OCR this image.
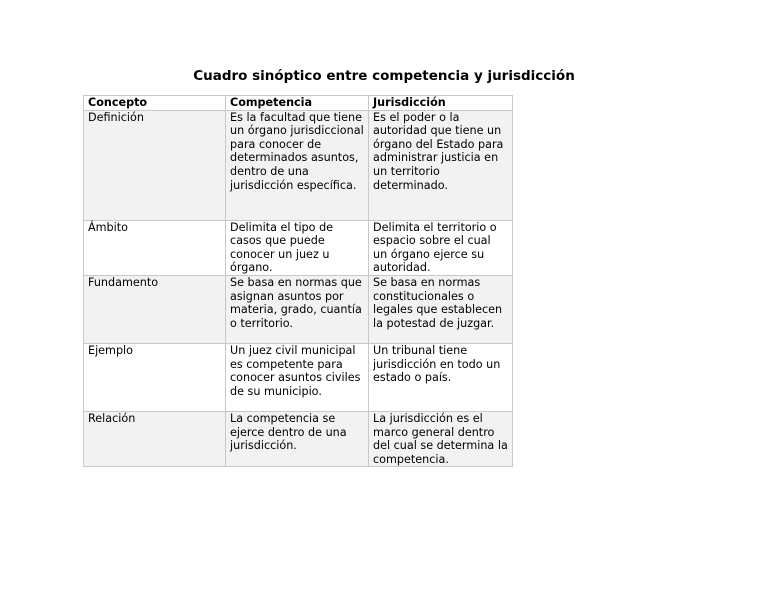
Cuadro sinóptico entre competencia y jurisdicción
Concepto	Competencia	Jurisdicción
Definición	Es la facultad que tiene un órgano jurisdiccional para conocer de determinados asuntos, dentro de una jurisdicción específica.	Es el poder o la autoridad que tiene un órgano del Estado para administrar justicia en un territorio determinado.
Ámbito	Delimita el tipo de casos que puede conocer un juez u órgano.	Delimita el territorio o espacio sobre el cual un órgano ejerce su autoridad.
Fundamento	Se basa en normas que asignan asuntos por materia, grado, cuantía o territorio.	Se basa en normas constitucionales o legales que establecen la potestad de juzgar.
Ejemplo	Un juez civil municipal es competente para conocer asuntos civiles de su municipio.	Un tribunal tiene jurisdicción en todo un estado o país.
Relación	La competencia se ejerce dentro de una jurisdicción.	La jurisdicción es el marco general dentro del cual se determina la competencia.
